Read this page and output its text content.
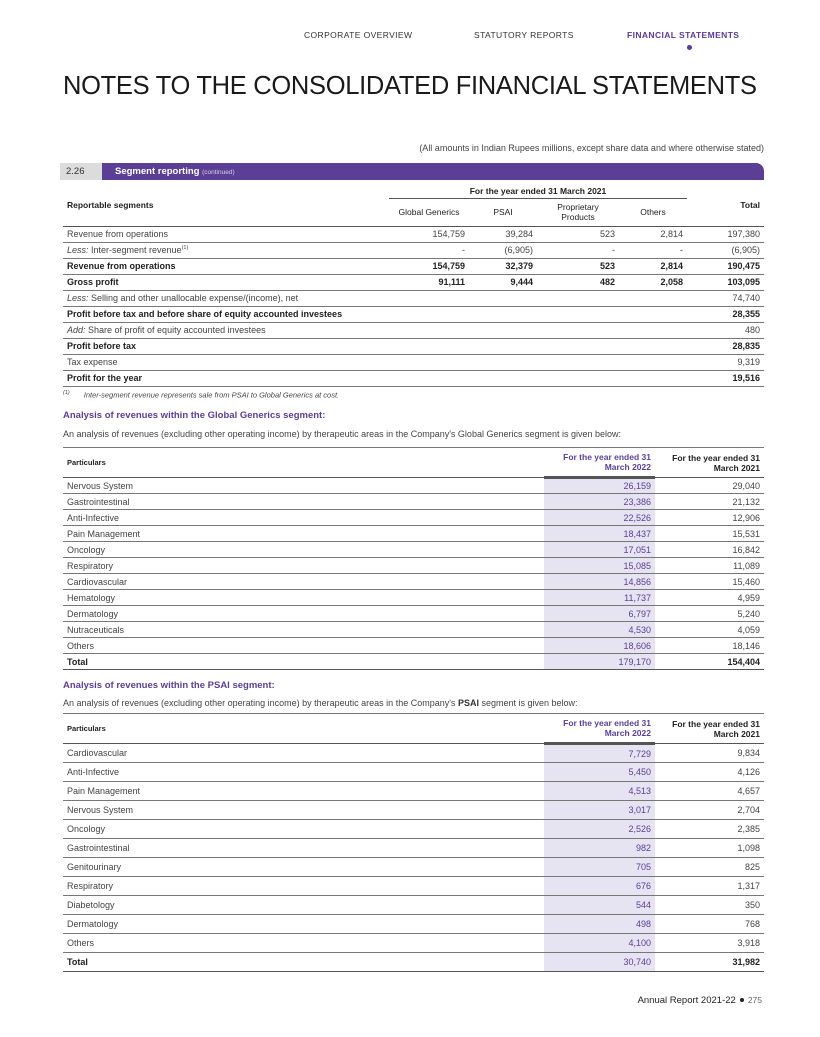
CORPORATE OVERVIEW	STATUTORY REPORTS	FINANCIAL STATEMENTS
NOTES TO THE CONSOLIDATED FINANCIAL STATEMENTS
(All amounts in Indian Rupees millions, except share data and where otherwise stated)
2.26	Segment reporting (continued)
Reportable segments	For the year ended 31 March 2021				Total
	Global Generics	PSAI	Proprietary Products	Others	
Revenue from operations	154,759	39,284	523	2,814	197,380
Less: Inter-segment revenue$^{(1)}$	-	(6,905)	-	-	(6,905)
Revenue from operations	154,759	32,379	523	2,814	190,475
Gross profit	91,111	9,444	482	2,058	103,095
Less: Selling and other unallocable expense/(income), net					74,740
Profit before tax and before share of equity accounted investees					28,355
Add: Share of profit of equity accounted investees					480
Profit before tax					28,835
Tax expense					9,319
Profit for the year					19,516
$^{(1)}$ Inter-segment revenue represents sale from PSAI to Global Generics at cost.
Analysis of revenues within the Global Generics segment:
An analysis of revenues (excluding other operating income) by therapeutic areas in the Company's Global Generics segment is given below:
Particulars	For the year ended 31 March 2022	For the year ended 31 March 2021
Nervous System	26,159	29,040
Gastrointestinal	23,386	21,132
Anti-Infective	22,526	12,906
Pain Management	18,437	15,531
Oncology	17,051	16,842
Respiratory	15,085	11,089
Cardiovascular	14,856	15,460
Hematology	11,737	4,959
Dermatology	6,797	5,240
Nutraceuticals	4,530	4,059
Others	18,606	18,146
Total	179,170	154,404
Analysis of revenues within the PSAI segment:
An analysis of revenues (excluding other operating income) by therapeutic areas in the Company's PSAI segment is given below:
Particulars	For the year ended 31 March 2022	For the year ended 31 March 2021
Cardiovascular	7,729	9,834
Anti-Infective	5,450	4,126
Pain Management	4,513	4,657
Nervous System	3,017	2,704
Oncology	2,526	2,385
Gastrointestinal	982	1,098
Genitourinary	705	825
Respiratory	676	1,317
Diabetology	544	350
Dermatology	498	768
Others	4,100	3,918
Total	30,740	31,982
Annual Report 2021-22 275
